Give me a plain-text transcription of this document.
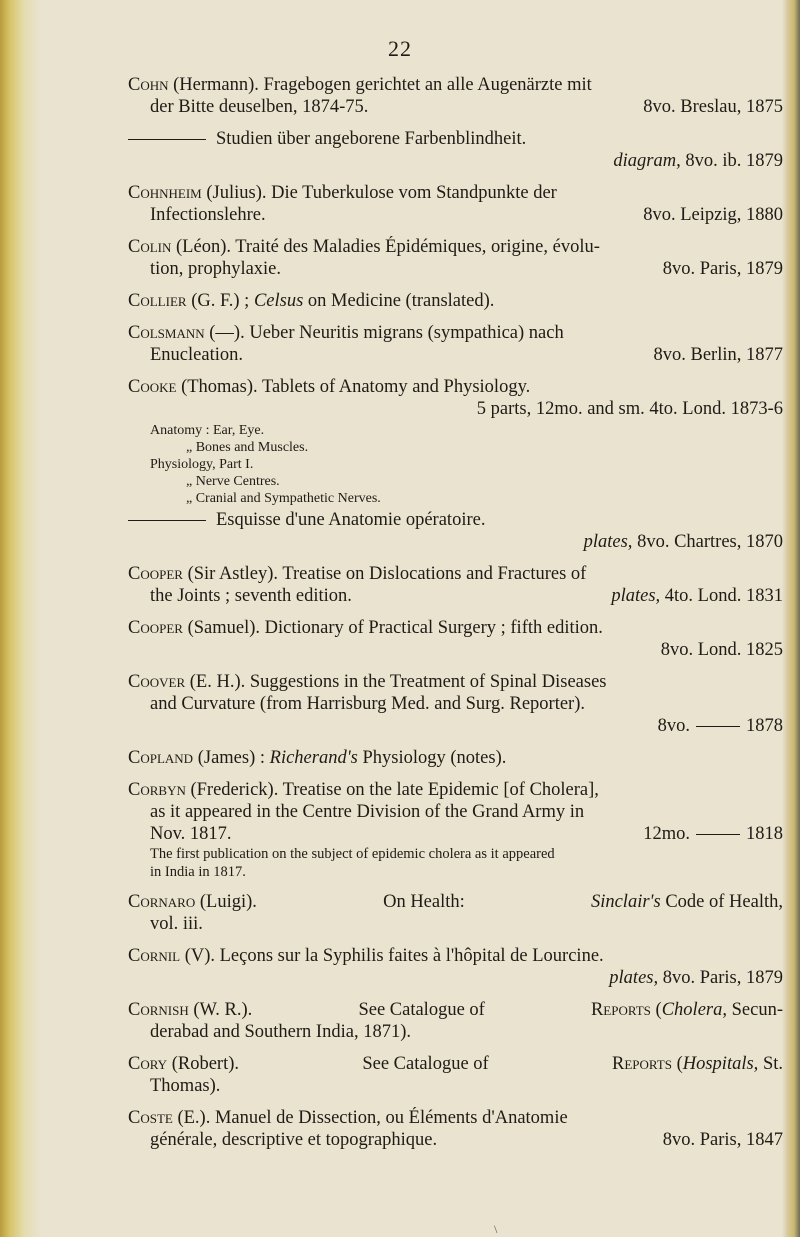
22
Cohn (Hermann). Fragebogen gerichtet an alle Augenärzte mit
der Bitte deuselben, 1874-75.	8vo. Breslau, 1875
Studien über angeborene Farbenblindheit.
diagram, 8vo. ib. 1879
Cohnheim (Julius). Die Tuberkulose vom Standpunkte der
Infectionslehre.	8vo. Leipzig, 1880
Colin (Léon). Traité des Maladies Épidémiques, origine, évolu-
tion, prophylaxie.	8vo. Paris, 1879
Collier (G. F.) ; Celsus on Medicine (translated).
Colsmann (—). Ueber Neuritis migrans (sympathica) nach
Enucleation.	8vo. Berlin, 1877
Cooke (Thomas). Tablets of Anatomy and Physiology.
5 parts, 12mo. and sm. 4to. Lond. 1873-6
Anatomy : Ear, Eye.
„ Bones and Muscles.
Physiology, Part I.
„ Nerve Centres.
„ Cranial and Sympathetic Nerves.
Esquisse d'une Anatomie opératoire.
plates, 8vo. Chartres, 1870
Cooper (Sir Astley). Treatise on Dislocations and Fractures of
the Joints ; seventh edition.	plates, 4to. Lond. 1831
Cooper (Samuel). Dictionary of Practical Surgery ; fifth edition.
8vo. Lond. 1825
Coover (E. H.). Suggestions in the Treatment of Spinal Diseases
and Curvature (from Harrisburg Med. and Surg. Reporter).
8vo.	1878
Copland (James) : Richerand's Physiology (notes).
Corbyn (Frederick). Treatise on the late Epidemic [of Cholera],
as it appeared in the Centre Division of the Grand Army in
Nov. 1817.	12mo.	1818
The first publication on the subject of epidemic cholera as it appeared
in India in 1817.
Cornaro (Luigi).	On Health:	Sinclair's Code of Health,
vol. iii.
Cornil (V). Leçons sur la Syphilis faites à l'hôpital de Lourcine.
plates, 8vo. Paris, 1879
Cornish (W. R.).	See Catalogue of	Reports (Cholera, Secun-
derabad and Southern India, 1871).
Cory (Robert).	See Catalogue of	Reports (Hospitals, St.
Thomas).
Coste (E.). Manuel de Dissection, ou Éléments d'Anatomie
générale, descriptive et topographique.	8vo. Paris, 1847
\
